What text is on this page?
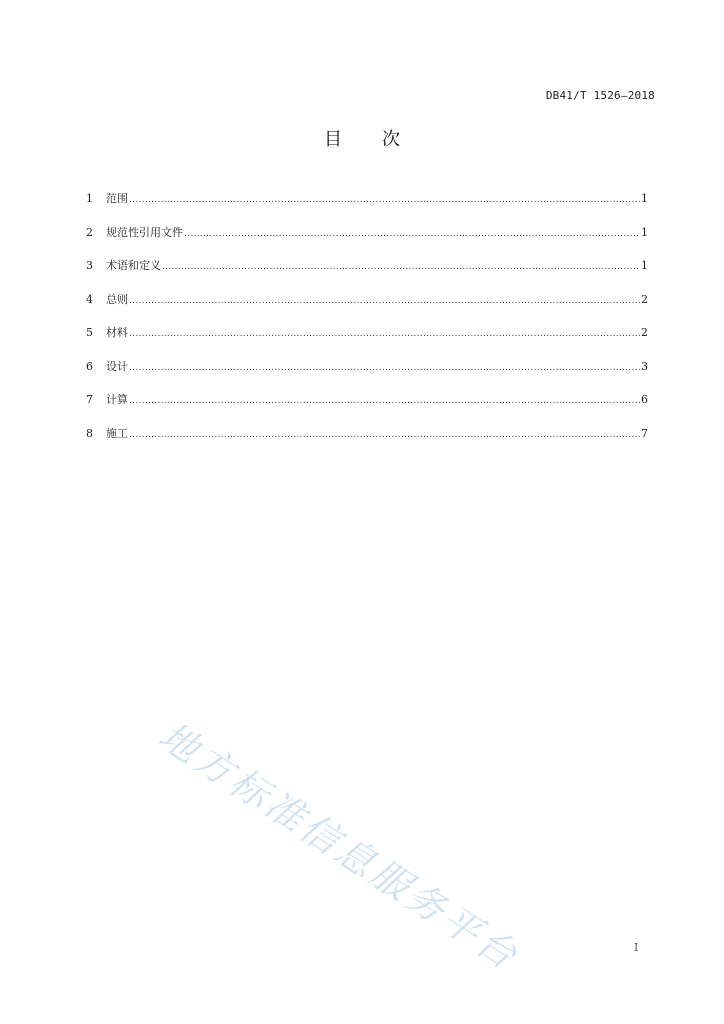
DB41/T 1526—2018
目 次
1	范围 .....	1
2	规范性引用文件 .....	1
3	术语和定义 .....	1
4	总则 .....	2
5	材料 .....	2
6	设计 .....	3
7	计算 .....	6
8	施工 .....	7
地方标准信息服务平台	I
